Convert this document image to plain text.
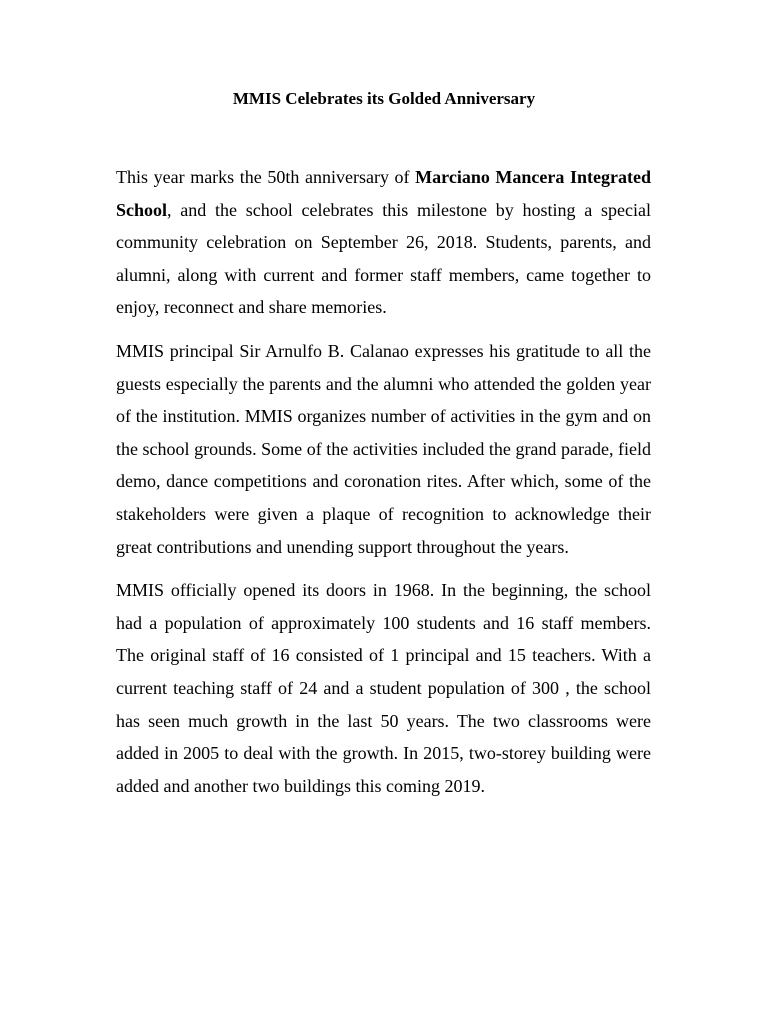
MMIS Celebrates its Golded Anniversary

This year marks the 50th anniversary of Marciano Mancera Integrated School, and the school celebrates this milestone by hosting a special community celebration on September 26, 2018. Students, parents, and alumni, along with current and former staff members, came together to enjoy, reconnect and share memories.

MMIS principal Sir Arnulfo B. Calanao expresses his gratitude to all the guests especially the parents and the alumni who attended the golden year of the institution. MMIS organizes number of activities in the gym and on the school grounds. Some of the activities included the grand parade, field demo, dance competitions and coronation rites. After which, some of the stakeholders were given a plaque of recognition to acknowledge their great contributions and unending support throughout the years.

MMIS officially opened its doors in 1968. In the beginning, the school had a population of approximately 100 students and 16 staff members. The original staff of 16 consisted of 1 principal and 15 teachers. With a current teaching staff of 24 and a student population of 300 , the school has seen much growth in the last 50 years. The two classrooms were added in 2005 to deal with the growth. In 2015, two-storey building were added and another two buildings this coming 2019.
